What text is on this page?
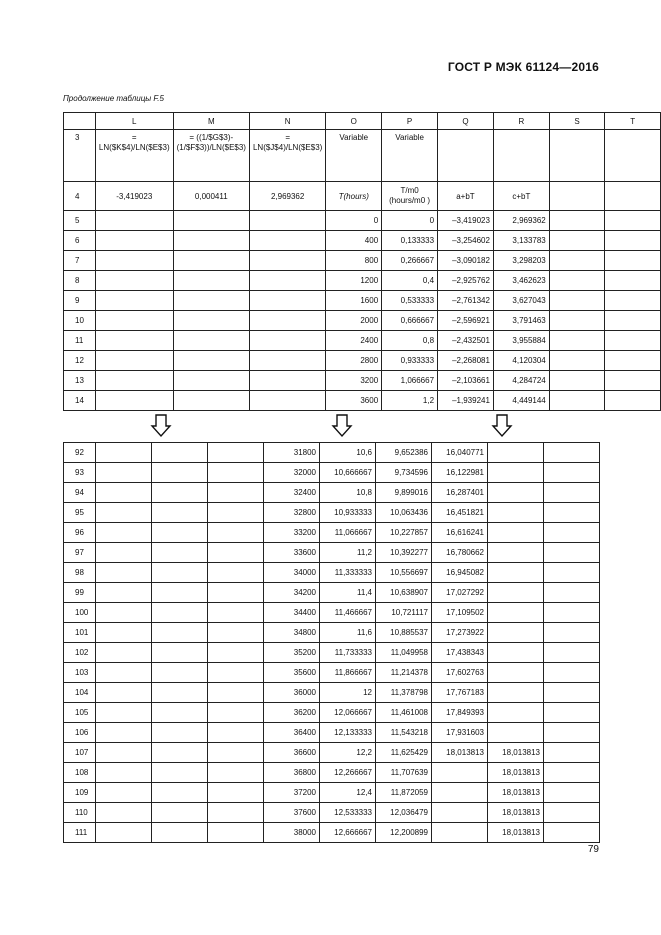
ГОСТ Р МЭК 61124—2016
Продолжение таблицы F.5
	L	M	N	O	P	Q	R	S	T
3	= LN($K$4)/LN($E$3)	= ((1/$G$3)-(1/$F$3))/LN($E$3)	= LN($J$4)/LN($E$3)	Variable	Variable				
4	-3,419023	0,000411	2,969362	T(hours)	T/m0 (hours/m0 )	a+bT	c+bT		
5				0	0	–3,419023	2,969362		
6				400	0,133333	–3,254602	3,133783		
7				800	0,266667	–3,090182	3,298203		
8				1200	0,4	–2,925762	3,462623		
9				1600	0,533333	–2,761342	3,627043		
10				2000	0,666667	–2,596921	3,791463		
11				2400	0,8	–2,432501	3,955884		
12				2800	0,933333	–2,268081	4,120304		
13				3200	1,066667	–2,103661	4,284724		
14				3600	1,2	–1,939241	4,449144		
92				31800	10,6	9,652386	16,040771		
93				32000	10,666667	9,734596	16,122981		
94				32400	10,8	9,899016	16,287401		
95				32800	10,933333	10,063436	16,451821		
96				33200	11,066667	10,227857	16,616241		
97				33600	11,2	10,392277	16,780662		
98				34000	11,333333	10,556697	16,945082		
99				34200	11,4	10,638907	17,027292		
100				34400	11,466667	10,721117	17,109502		
101				34800	11,6	10,885537	17,273922		
102				35200	11,733333	11,049958	17,438343		
103				35600	11,866667	11,214378	17,602763		
104				36000	12	11,378798	17,767183		
105				36200	12,066667	11,461008	17,849393		
106				36400	12,133333	11,543218	17,931603		
107				36600	12,2	11,625429	18,013813	18,013813	
108				36800	12,266667	11,707639		18,013813	
109				37200	12,4	11,872059		18,013813	
110				37600	12,533333	12,036479		18,013813	
111				38000	12,666667	12,200899		18,013813	
79
